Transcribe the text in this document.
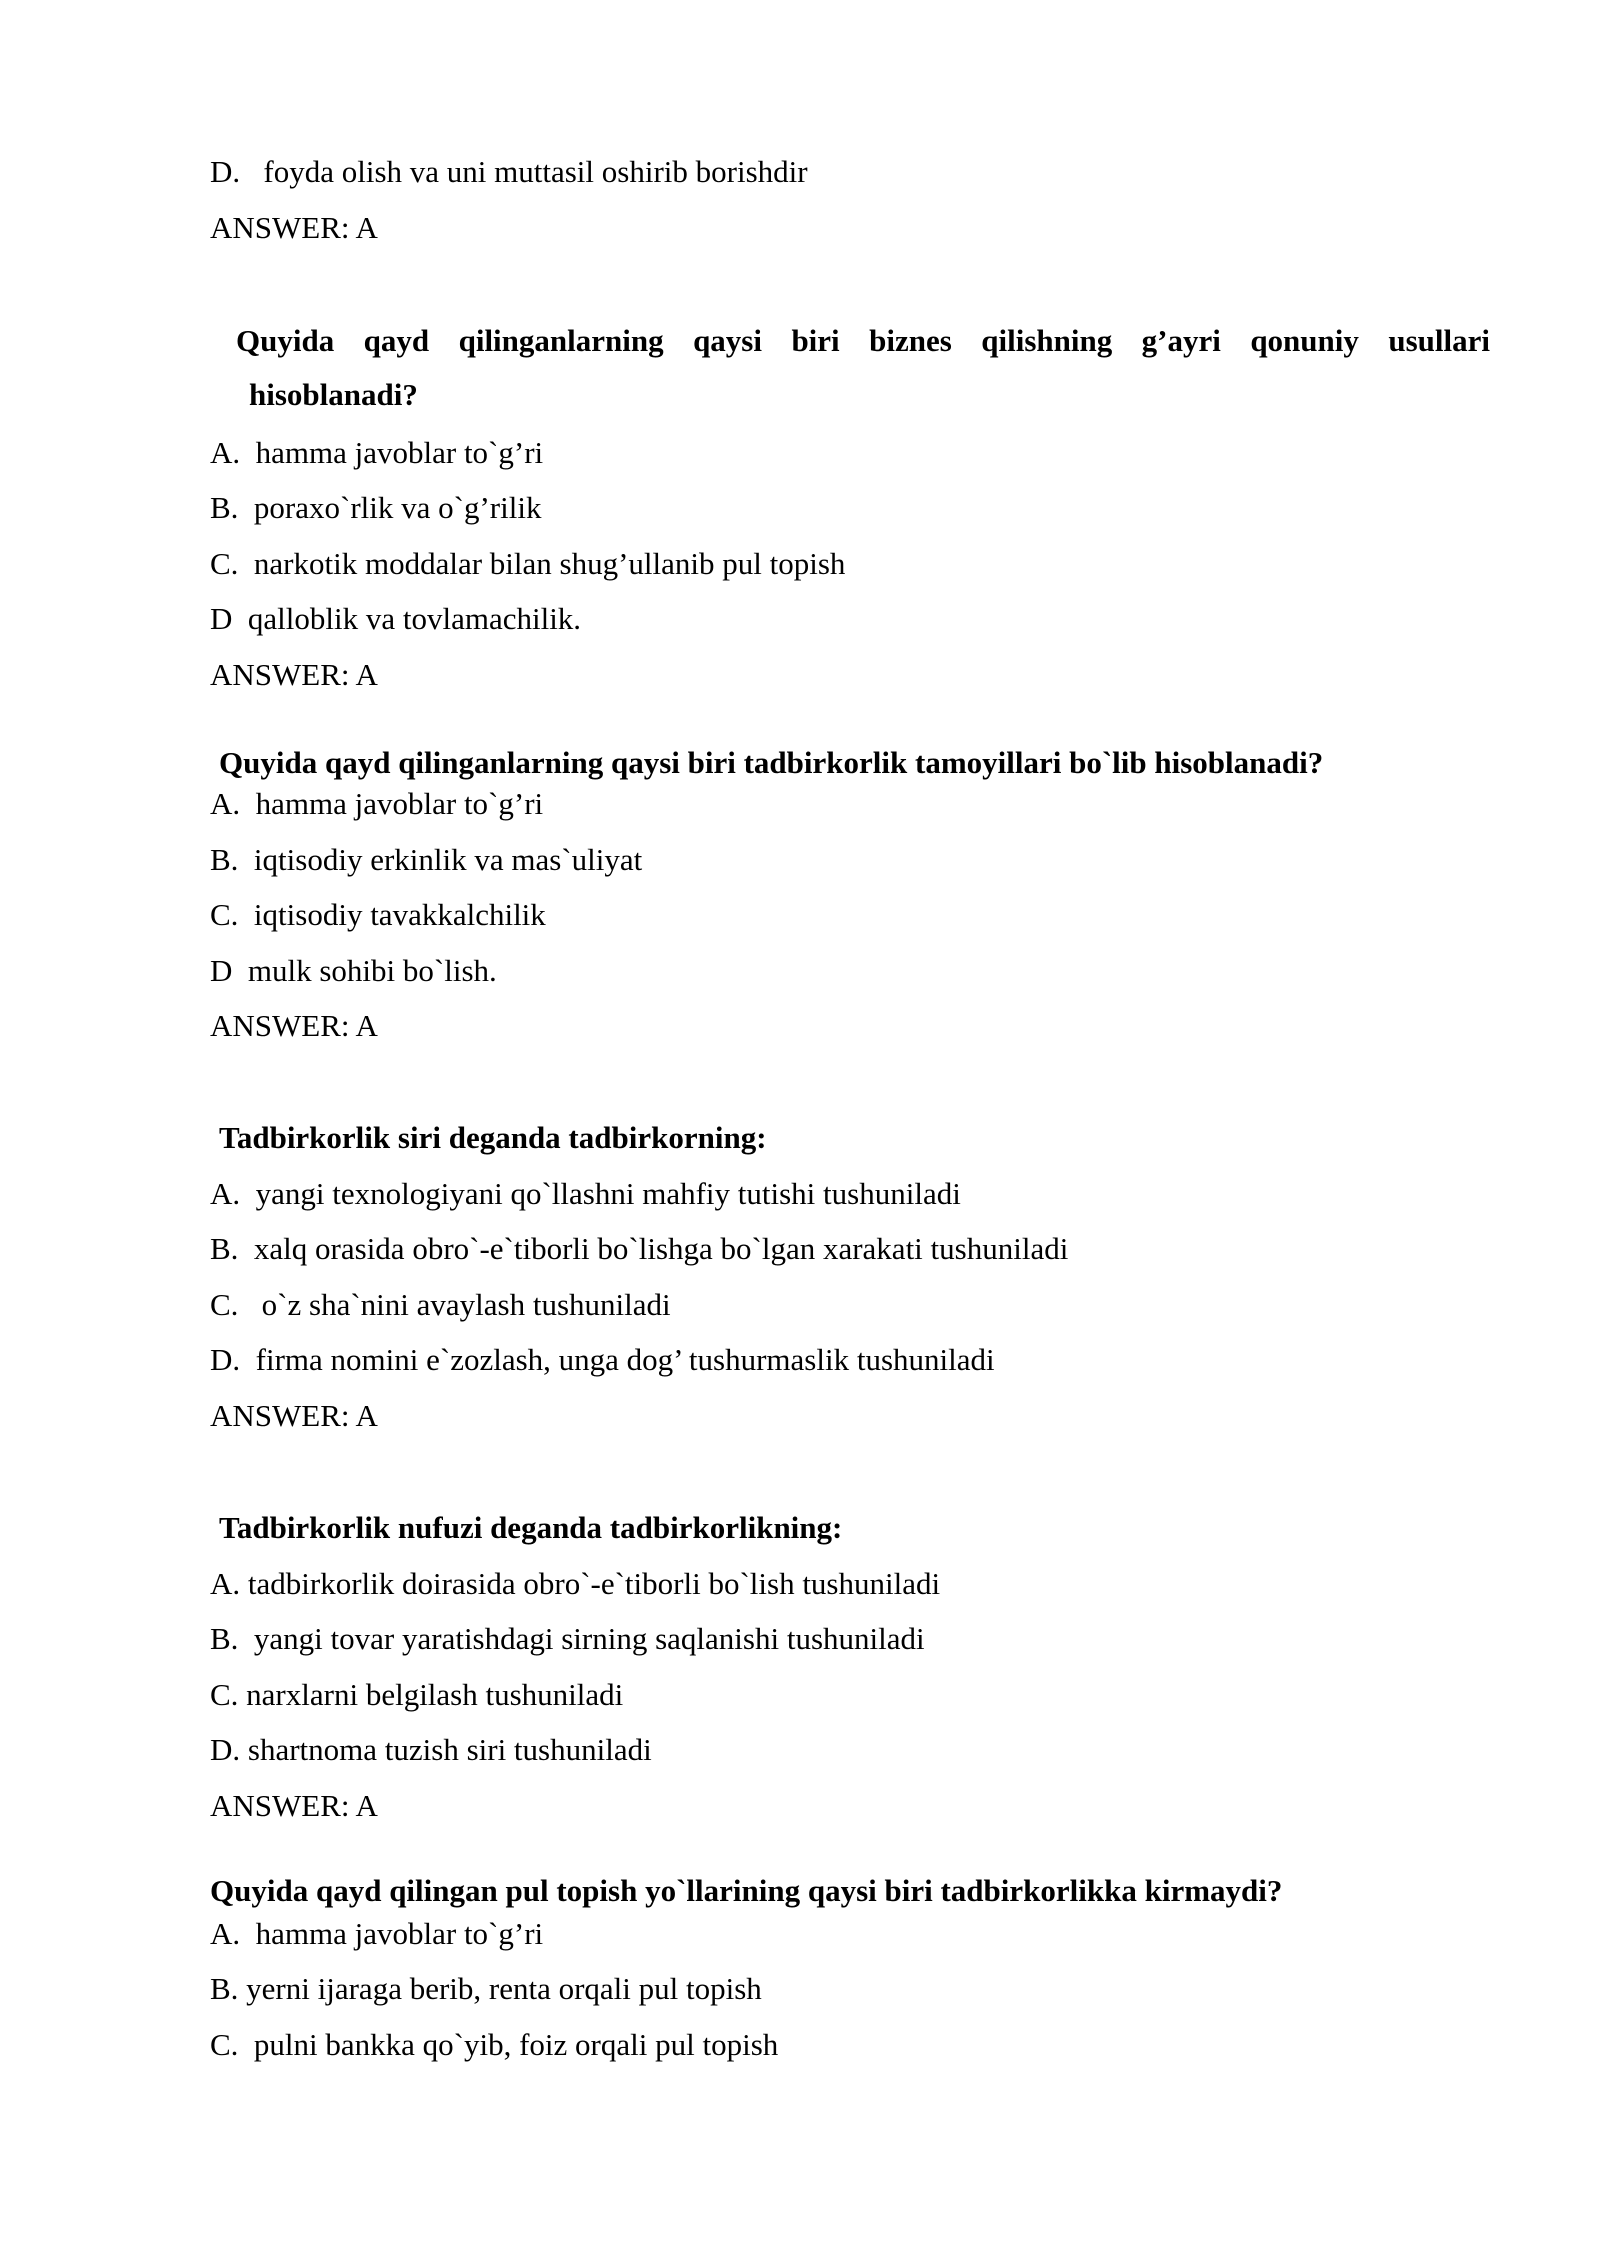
D.   foyda olish va uni muttasil oshirib borishdir
ANSWER: A
Quyida qayd qilinganlarning qaysi biri biznes qilishning g’ayri qonuniy usullari
hisoblanadi?
A.  hamma javoblar to`g’ri
B.  poraxo`rlik va o`g’rilik
C.  narkotik moddalar bilan shug’ullanib pul topish
D  qalloblik va tovlamachilik.
ANSWER: A
Quyida qayd qilinganlarning qaysi biri tadbirkorlik tamoyillari bo`lib hisoblanadi?
A.  hamma javoblar to`g’ri
B.  iqtisodiy erkinlik va mas`uliyat
C.  iqtisodiy tavakkalchilik
D  mulk sohibi bo`lish.
ANSWER: A
Tadbirkorlik siri deganda tadbirkorning:
A.  yangi texnologiyani qo`llashni mahfiy tutishi tushuniladi
B.  xalq orasida obro`-e`tiborli bo`lishga bo`lgan xarakati tushuniladi
C.   o`z sha`nini avaylash tushuniladi
D.  firma nomini e`zozlash, unga dog’ tushurmaslik tushuniladi
ANSWER: A
Tadbirkorlik nufuzi deganda tadbirkorlikning:
A. tadbirkorlik doirasida obro`-e`tiborli bo`lish tushuniladi
B.  yangi tovar yaratishdagi sirning saqlanishi tushuniladi
C. narxlarni belgilash tushuniladi
D. shartnoma tuzish siri tushuniladi
ANSWER: A
Quyida qayd qilingan pul topish yo`llarining qaysi biri tadbirkorlikka kirmaydi?
A.  hamma javoblar to`g’ri
B. yerni ijaraga berib, renta orqali pul topish
C.  pulni bankka qo`yib, foiz orqali pul topish
